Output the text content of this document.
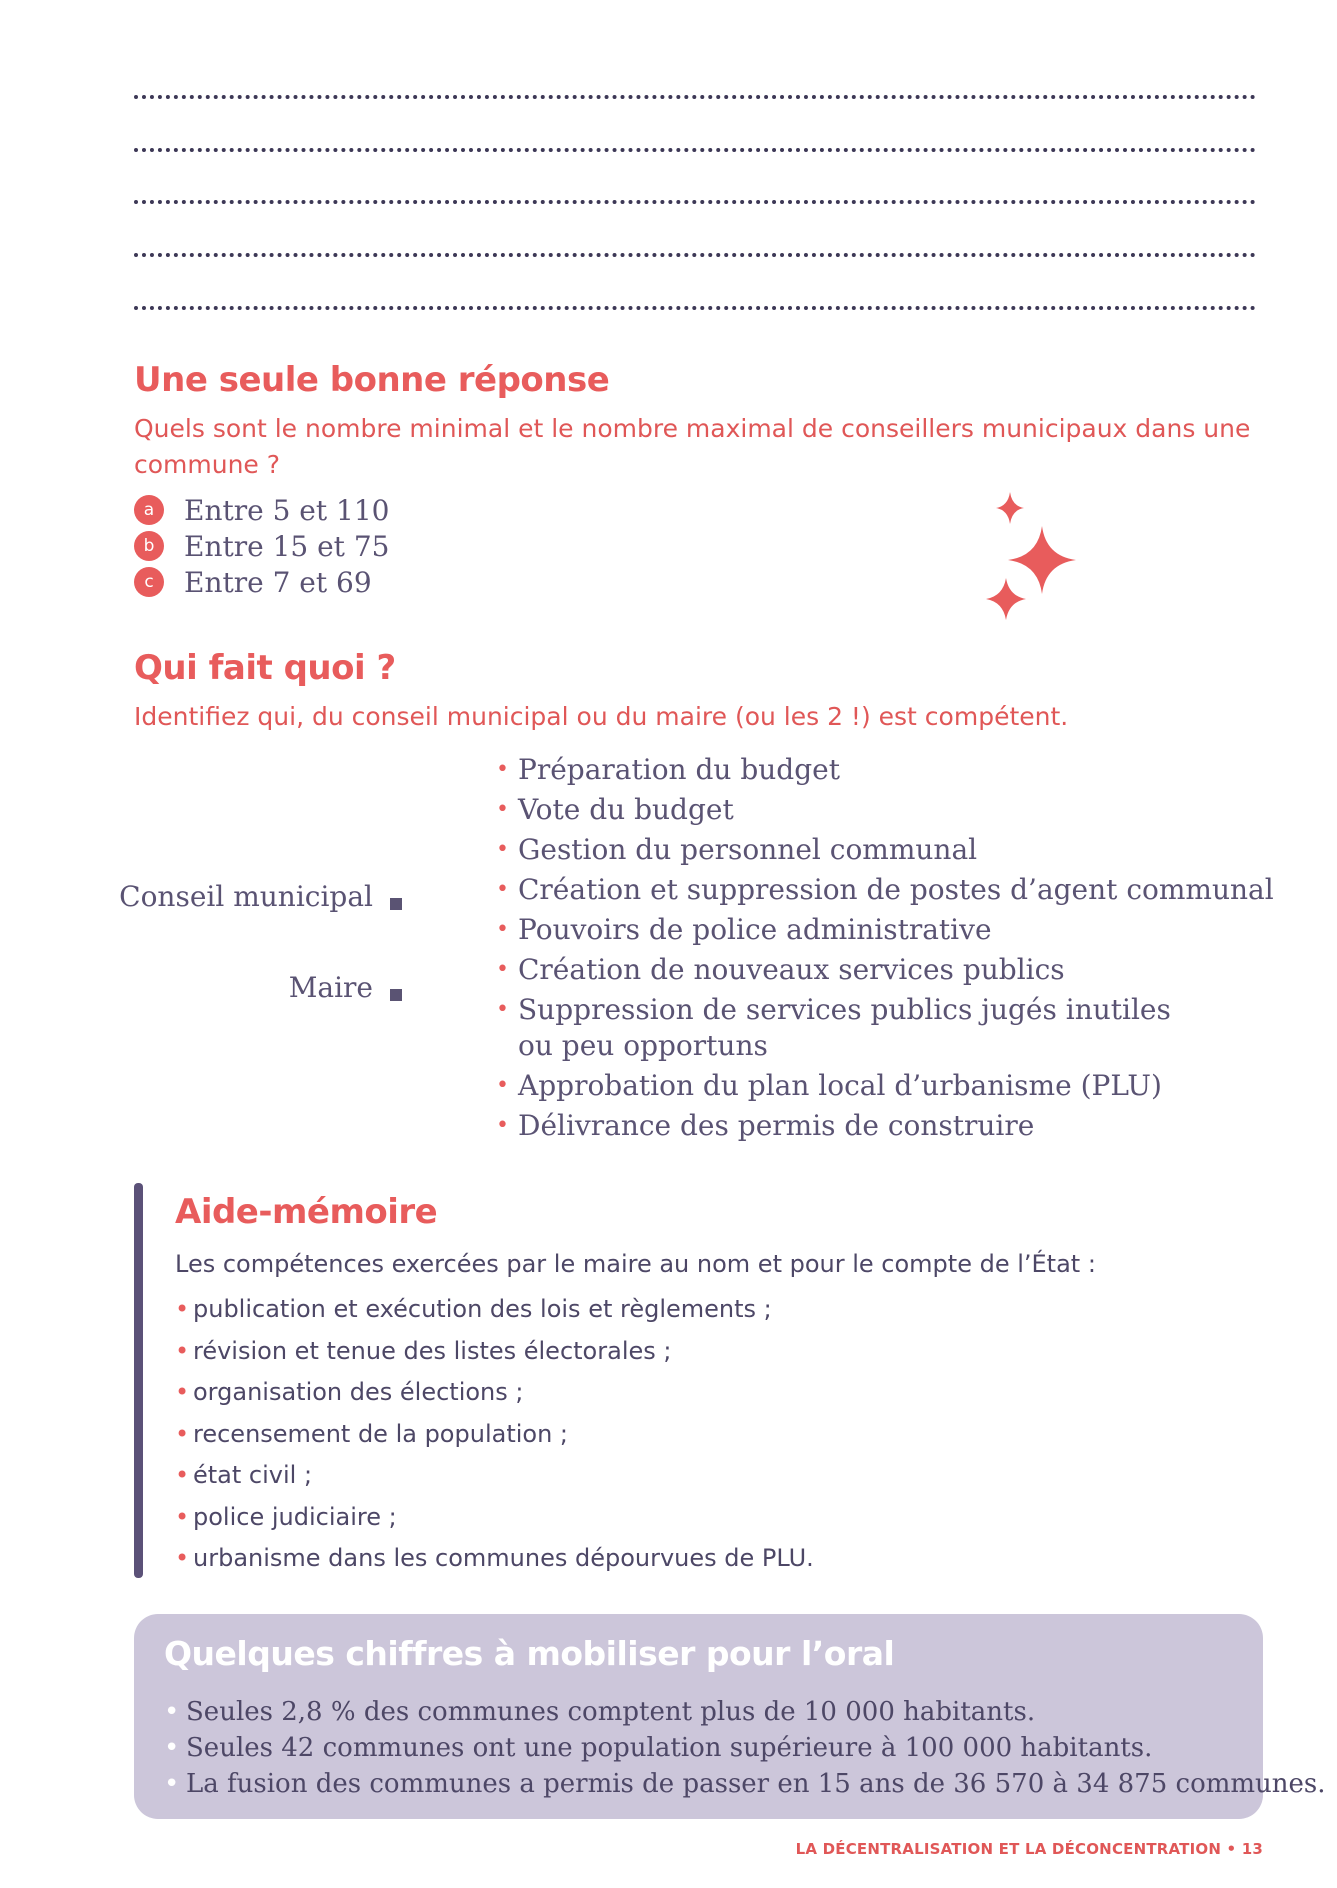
Une seule bonne réponse
Quels sont le nombre minimal et le nombre maximal de conseillers municipaux dans une commune ?
a	Entre 5 et 110
b	Entre 15 et 75
c	Entre 7 et 69
Qui fait quoi ?
Identifiez qui, du conseil municipal ou du maire (ou les 2 !) est compétent.
Conseil municipal
Maire
• Préparation du budget
• Vote du budget
• Gestion du personnel communal
• Création et suppression de postes d’agent communal
• Pouvoirs de police administrative
• Création de nouveaux services publics
• Suppression de services publics jugés inutiles
ou peu opportuns
• Approbation du plan local d’urbanisme (PLU)
• Délivrance des permis de construire
Aide-mémoire
Les compétences exercées par le maire au nom et pour le compte de l’État :
• publication et exécution des lois et règlements ;
• révision et tenue des listes électorales ;
• organisation des élections ;
• recensement de la population ;
• état civil ;
• police judiciaire ;
• urbanisme dans les communes dépourvues de PLU.
Quelques chiffres à mobiliser pour l’oral
• Seules 2,8 % des communes comptent plus de 10 000 habitants.
• Seules 42 communes ont une population supérieure à 100 000 habitants.
• La fusion des communes a permis de passer en 15 ans de 36 570 à 34 875 communes.
LA DÉCENTRALISATION ET LA DÉCONCENTRATION • 13
